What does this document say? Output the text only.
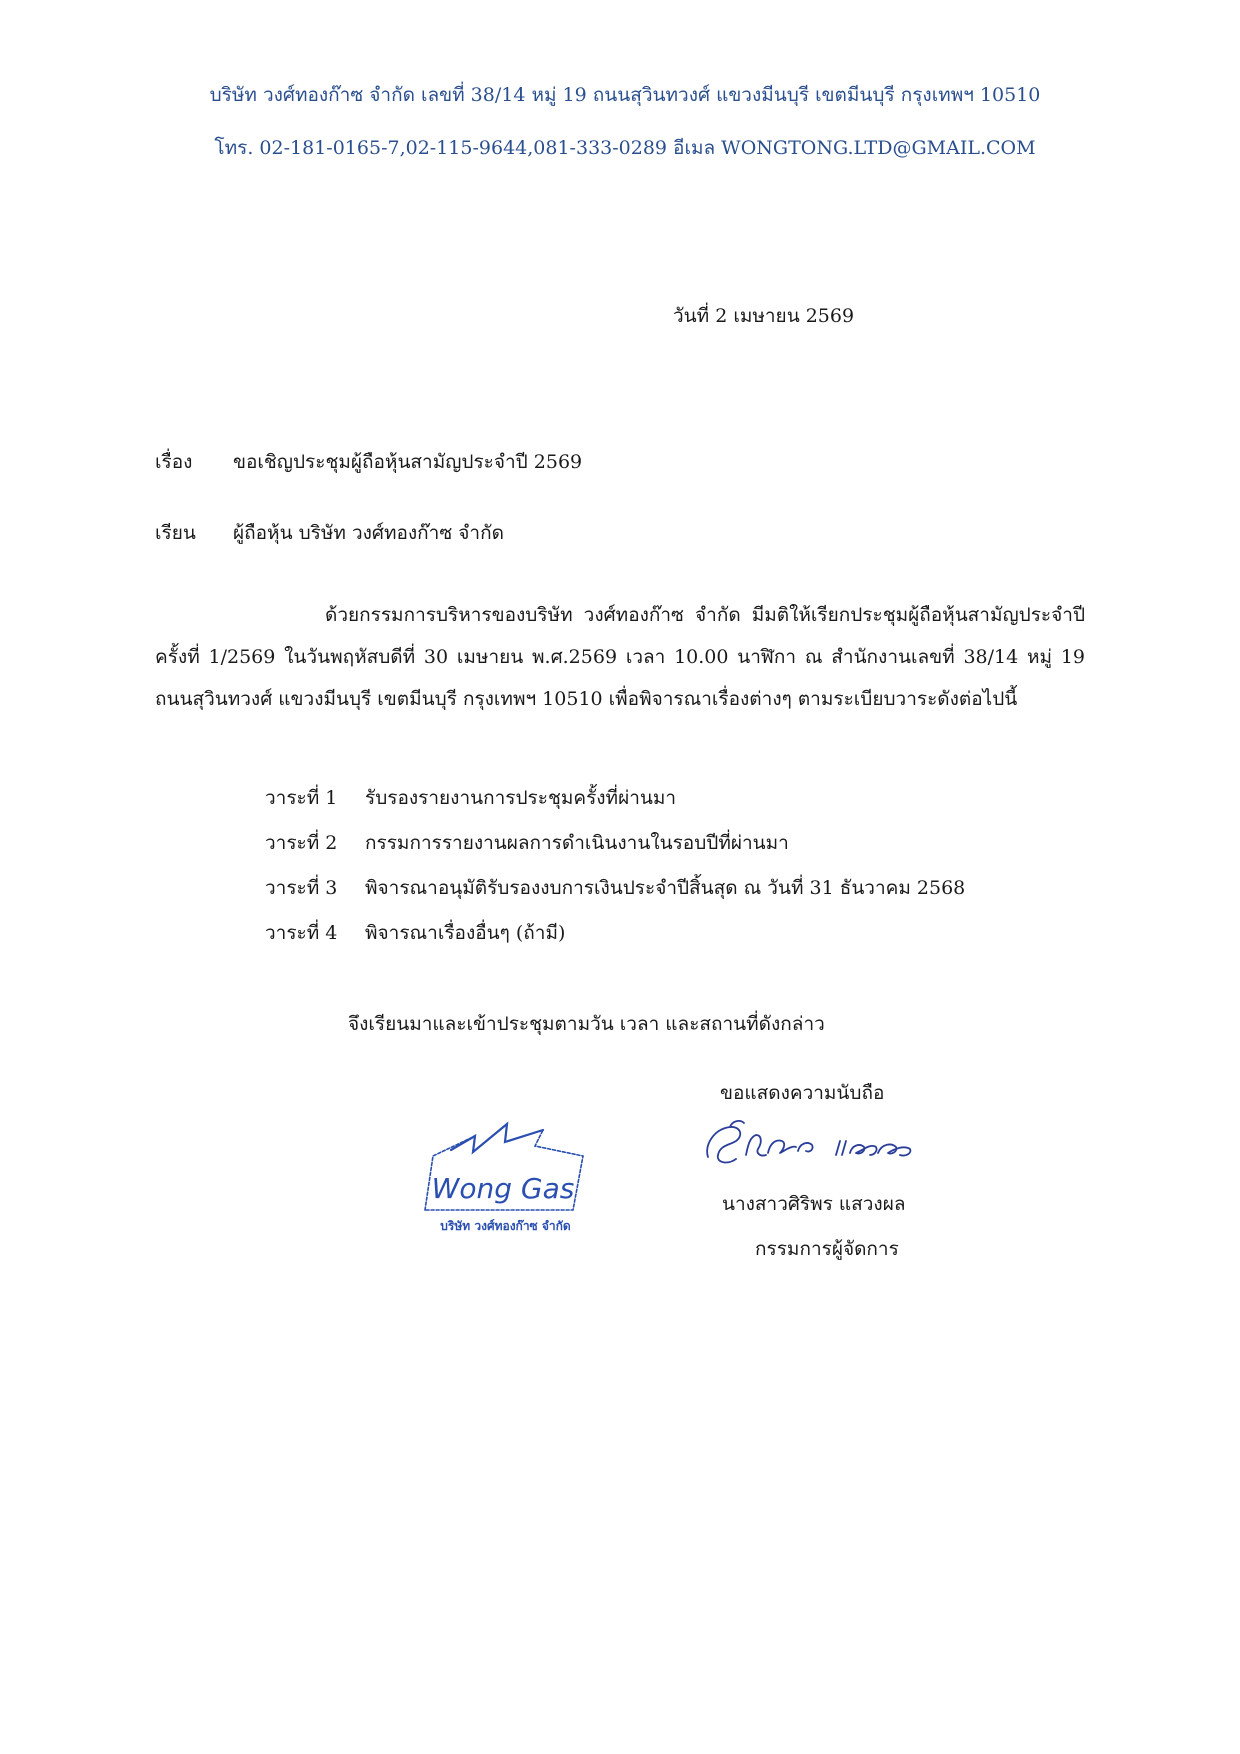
บริษัท วงศ์ทองก๊าซ จำกัด เลขที่ 38/14 หมู่ 19 ถนนสุวินทวงศ์ แขวงมีนบุรี เขตมีนบุรี กรุงเทพฯ 10510
โทร. 02-181-0165-7,02-115-9644,081-333-0289 อีเมล WONGTONG.LTD@GMAIL.COM
วันที่ 2 เมษายน 2569
เรื่อง ขอเชิญประชุมผู้ถือหุ้นสามัญประจำปี 2569
เรียน ผู้ถือหุ้น บริษัท วงศ์ทองก๊าซ จำกัด
ด้วยกรรมการบริหารของบริษัท วงศ์ทองก๊าซ จำกัด มีมติให้เรียกประชุมผู้ถือหุ้นสามัญประจำปี ครั้งที่ 1/2569 ในวันพฤหัสบดีที่ 30 เมษายน พ.ศ.2569 เวลา 10.00 นาฬิกา ณ สำนักงานเลขที่ 38/14 หมู่ 19 ถนนสุวินทวงศ์ แขวงมีนบุรี เขตมีนบุรี กรุงเทพฯ 10510 เพื่อพิจารณาเรื่องต่างๆ ตามระเบียบวาระดังต่อไปนี้
วาระที่ 1 รับรองรายงานการประชุมครั้งที่ผ่านมา
วาระที่ 2 กรรมการรายงานผลการดำเนินงานในรอบปีที่ผ่านมา
วาระที่ 3 พิจารณาอนุมัติรับรองงบการเงินประจำปีสิ้นสุด ณ วันที่ 31 ธันวาคม 2568
วาระที่ 4 พิจารณาเรื่องอื่นๆ (ถ้ามี)
จึงเรียนมาและเข้าประชุมตามวัน เวลา และสถานที่ดังกล่าว
ขอแสดงความนับถือ
นางสาวศิริพร แสวงผล
กรรมการผู้จัดการ
Wong Gas
บริษัท วงศ์ทองก๊าซ จำกัด
